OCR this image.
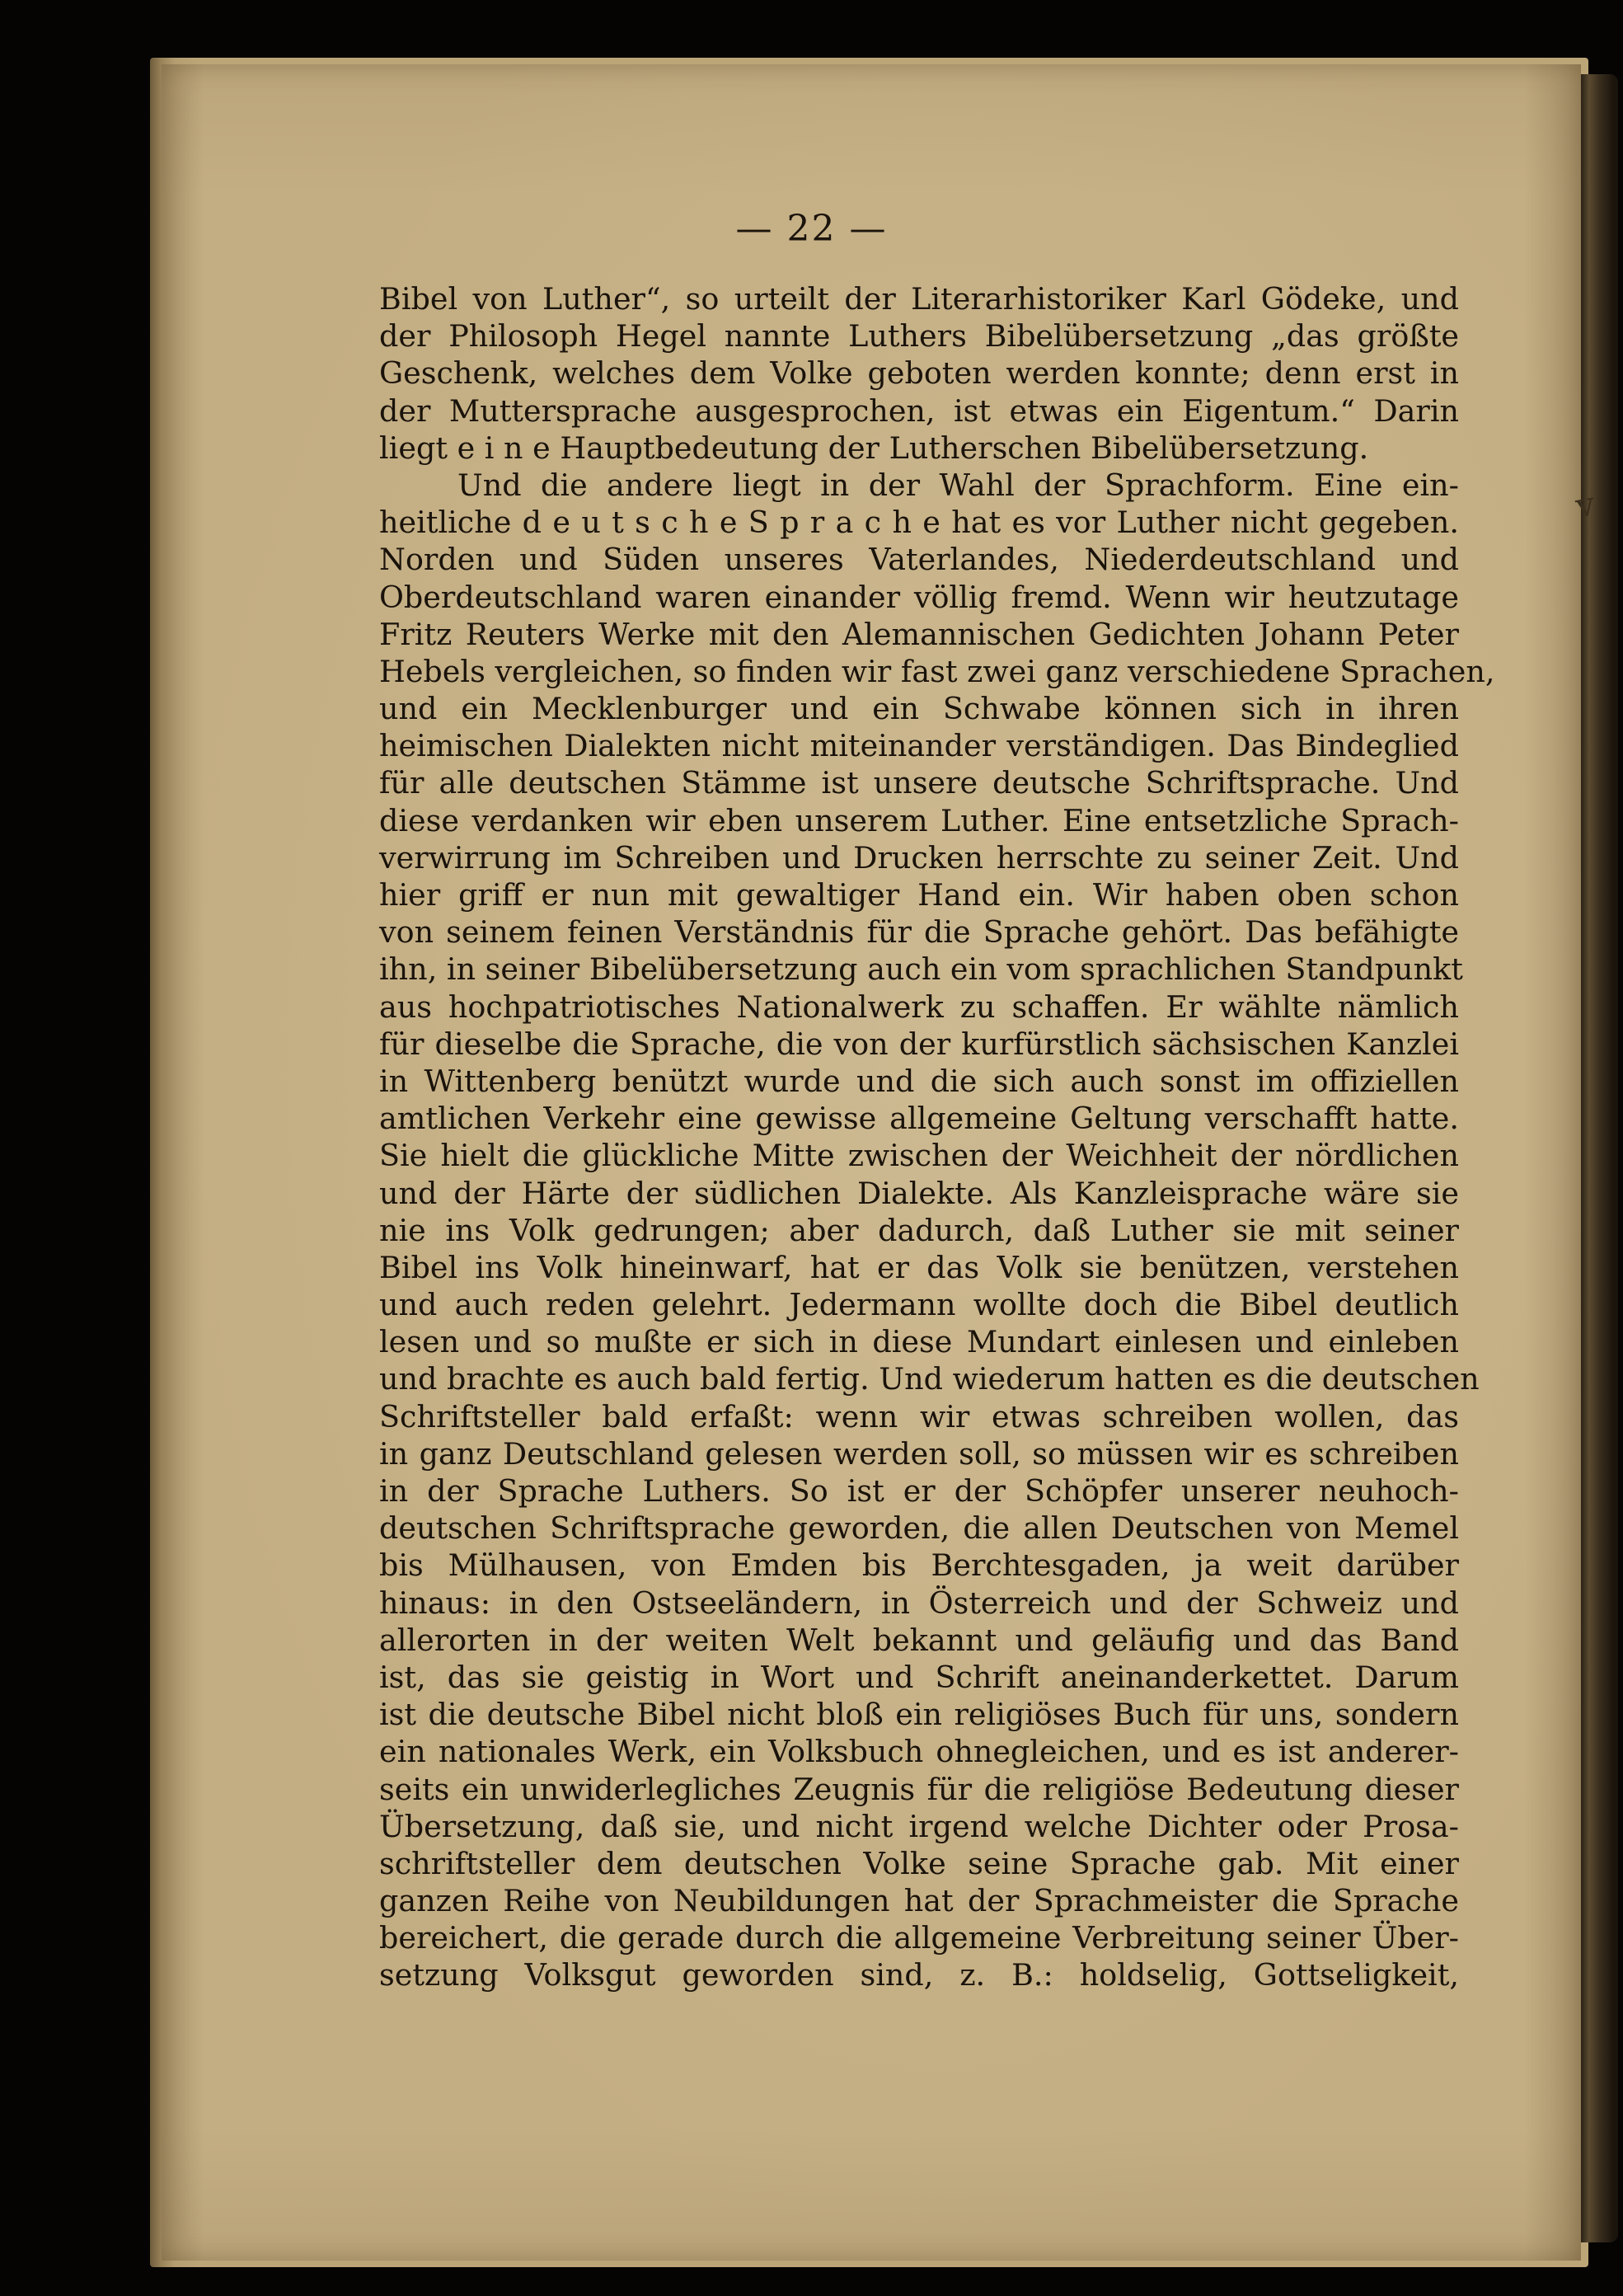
— 22 —
v
Bibel von Luther“, so urteilt der Literarhistoriker Karl Gödeke, und
der Philosoph Hegel nannte Luthers Bibelübersetzung „das größte
Geschenk, welches dem Volke geboten werden konnte; denn erst in
der Muttersprache ausgesprochen, ist etwas ein Eigentum.“ Darin
liegt e i n e Hauptbedeutung der Lutherschen Bibelübersetzung.
Und die andere liegt in der Wahl der Sprachform. Eine ein-
heitliche d e u t s c h e S p r a c h e hat es vor Luther nicht gegeben.
Norden und Süden unseres Vaterlandes, Niederdeutschland und
Oberdeutschland waren einander völlig fremd. Wenn wir heutzutage
Fritz Reuters Werke mit den Alemannischen Gedichten Johann Peter
Hebels vergleichen, so finden wir fast zwei ganz verschiedene Sprachen,
und ein Mecklenburger und ein Schwabe können sich in ihren
heimischen Dialekten nicht miteinander verständigen. Das Bindeglied
für alle deutschen Stämme ist unsere deutsche Schriftsprache. Und
diese verdanken wir eben unserem Luther. Eine entsetzliche Sprach-
verwirrung im Schreiben und Drucken herrschte zu seiner Zeit. Und
hier griff er nun mit gewaltiger Hand ein. Wir haben oben schon
von seinem feinen Verständnis für die Sprache gehört. Das befähigte
ihn, in seiner Bibelübersetzung auch ein vom sprachlichen Standpunkt
aus hochpatriotisches Nationalwerk zu schaffen. Er wählte nämlich
für dieselbe die Sprache, die von der kurfürstlich sächsischen Kanzlei
in Wittenberg benützt wurde und die sich auch sonst im offiziellen
amtlichen Verkehr eine gewisse allgemeine Geltung verschafft hatte.
Sie hielt die glückliche Mitte zwischen der Weichheit der nördlichen
und der Härte der südlichen Dialekte. Als Kanzleisprache wäre sie
nie ins Volk gedrungen; aber dadurch, daß Luther sie mit seiner
Bibel ins Volk hineinwarf, hat er das Volk sie benützen, verstehen
und auch reden gelehrt. Jedermann wollte doch die Bibel deutlich
lesen und so mußte er sich in diese Mundart einlesen und einleben
und brachte es auch bald fertig. Und wiederum hatten es die deutschen
Schriftsteller bald erfaßt: wenn wir etwas schreiben wollen, das
in ganz Deutschland gelesen werden soll, so müssen wir es schreiben
in der Sprache Luthers. So ist er der Schöpfer unserer neuhoch-
deutschen Schriftsprache geworden, die allen Deutschen von Memel
bis Mülhausen, von Emden bis Berchtesgaden, ja weit darüber
hinaus: in den Ostseeländern, in Österreich und der Schweiz und
allerorten in der weiten Welt bekannt und geläufig und das Band
ist, das sie geistig in Wort und Schrift aneinanderkettet. Darum
ist die deutsche Bibel nicht bloß ein religiöses Buch für uns, sondern
ein nationales Werk, ein Volksbuch ohnegleichen, und es ist anderer-
seits ein unwiderlegliches Zeugnis für die religiöse Bedeutung dieser
Übersetzung, daß sie, und nicht irgend welche Dichter oder Prosa-
schriftsteller dem deutschen Volke seine Sprache gab. Mit einer
ganzen Reihe von Neubildungen hat der Sprachmeister die Sprache
bereichert, die gerade durch die allgemeine Verbreitung seiner Über-
setzung Volksgut geworden sind, z. B.: holdselig, Gottseligkeit,
